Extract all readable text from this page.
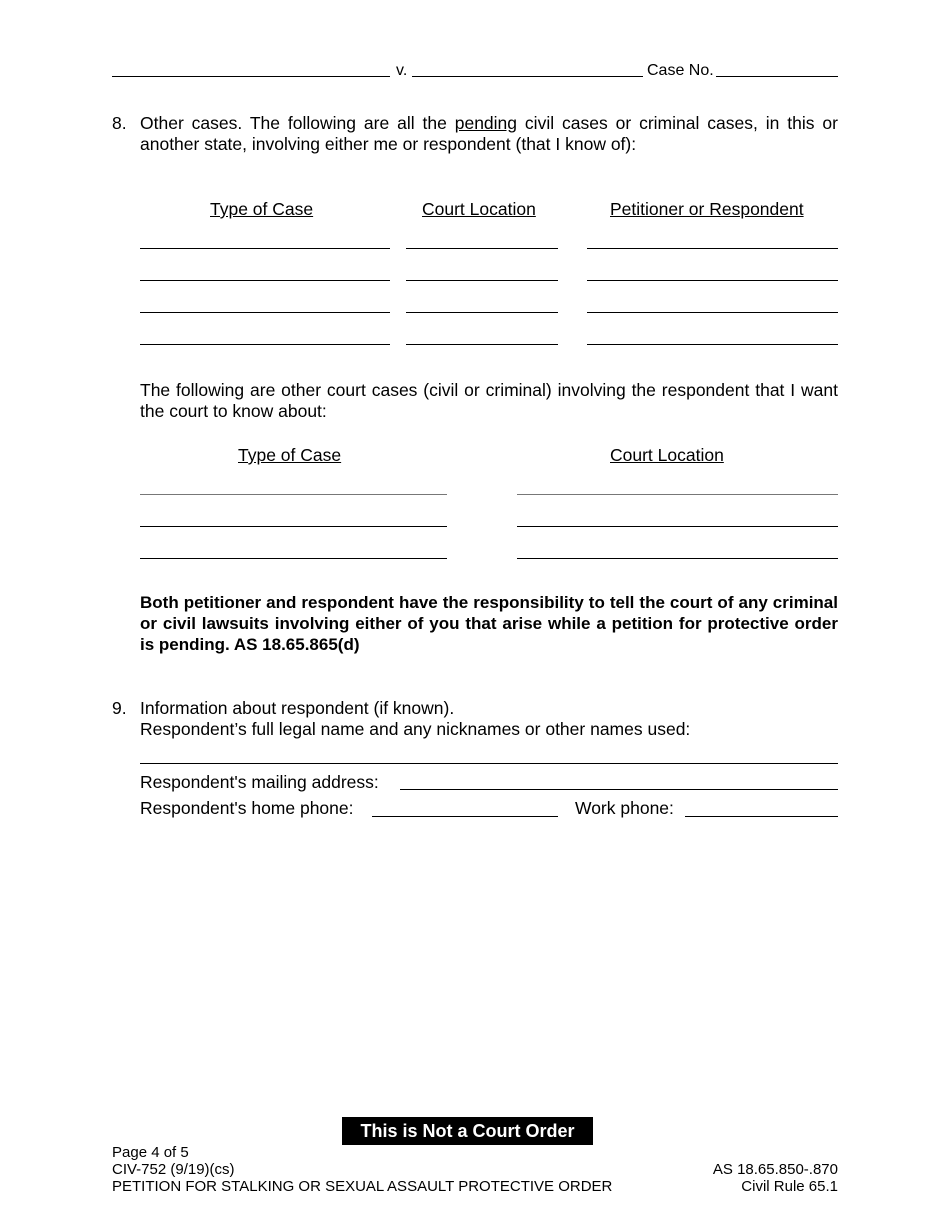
v.	Case No.
8. Other cases. The following are all the pending civil cases or criminal cases, in this or another state, involving either me or respondent (that I know of):
Type of Case	Court Location	Petitioner or Respondent
The following are other court cases (civil or criminal) involving the respondent that I want the court to know about:
Type of Case	Court Location
Both petitioner and respondent have the responsibility to tell the court of any criminal or civil lawsuits involving either of you that arise while a petition for protective order is pending. AS 18.65.865(d)
9. Information about respondent (if known).
Respondent’s full legal name and any nicknames or other names used:
Respondent's mailing address:
Respondent's home phone:	Work phone:
This is Not a Court Order
Page 4 of 5
CIV-752 (9/19)(cs)
PETITION FOR STALKING OR SEXUAL ASSAULT PROTECTIVE ORDER
AS 18.65.850-.870
Civil Rule 65.1
